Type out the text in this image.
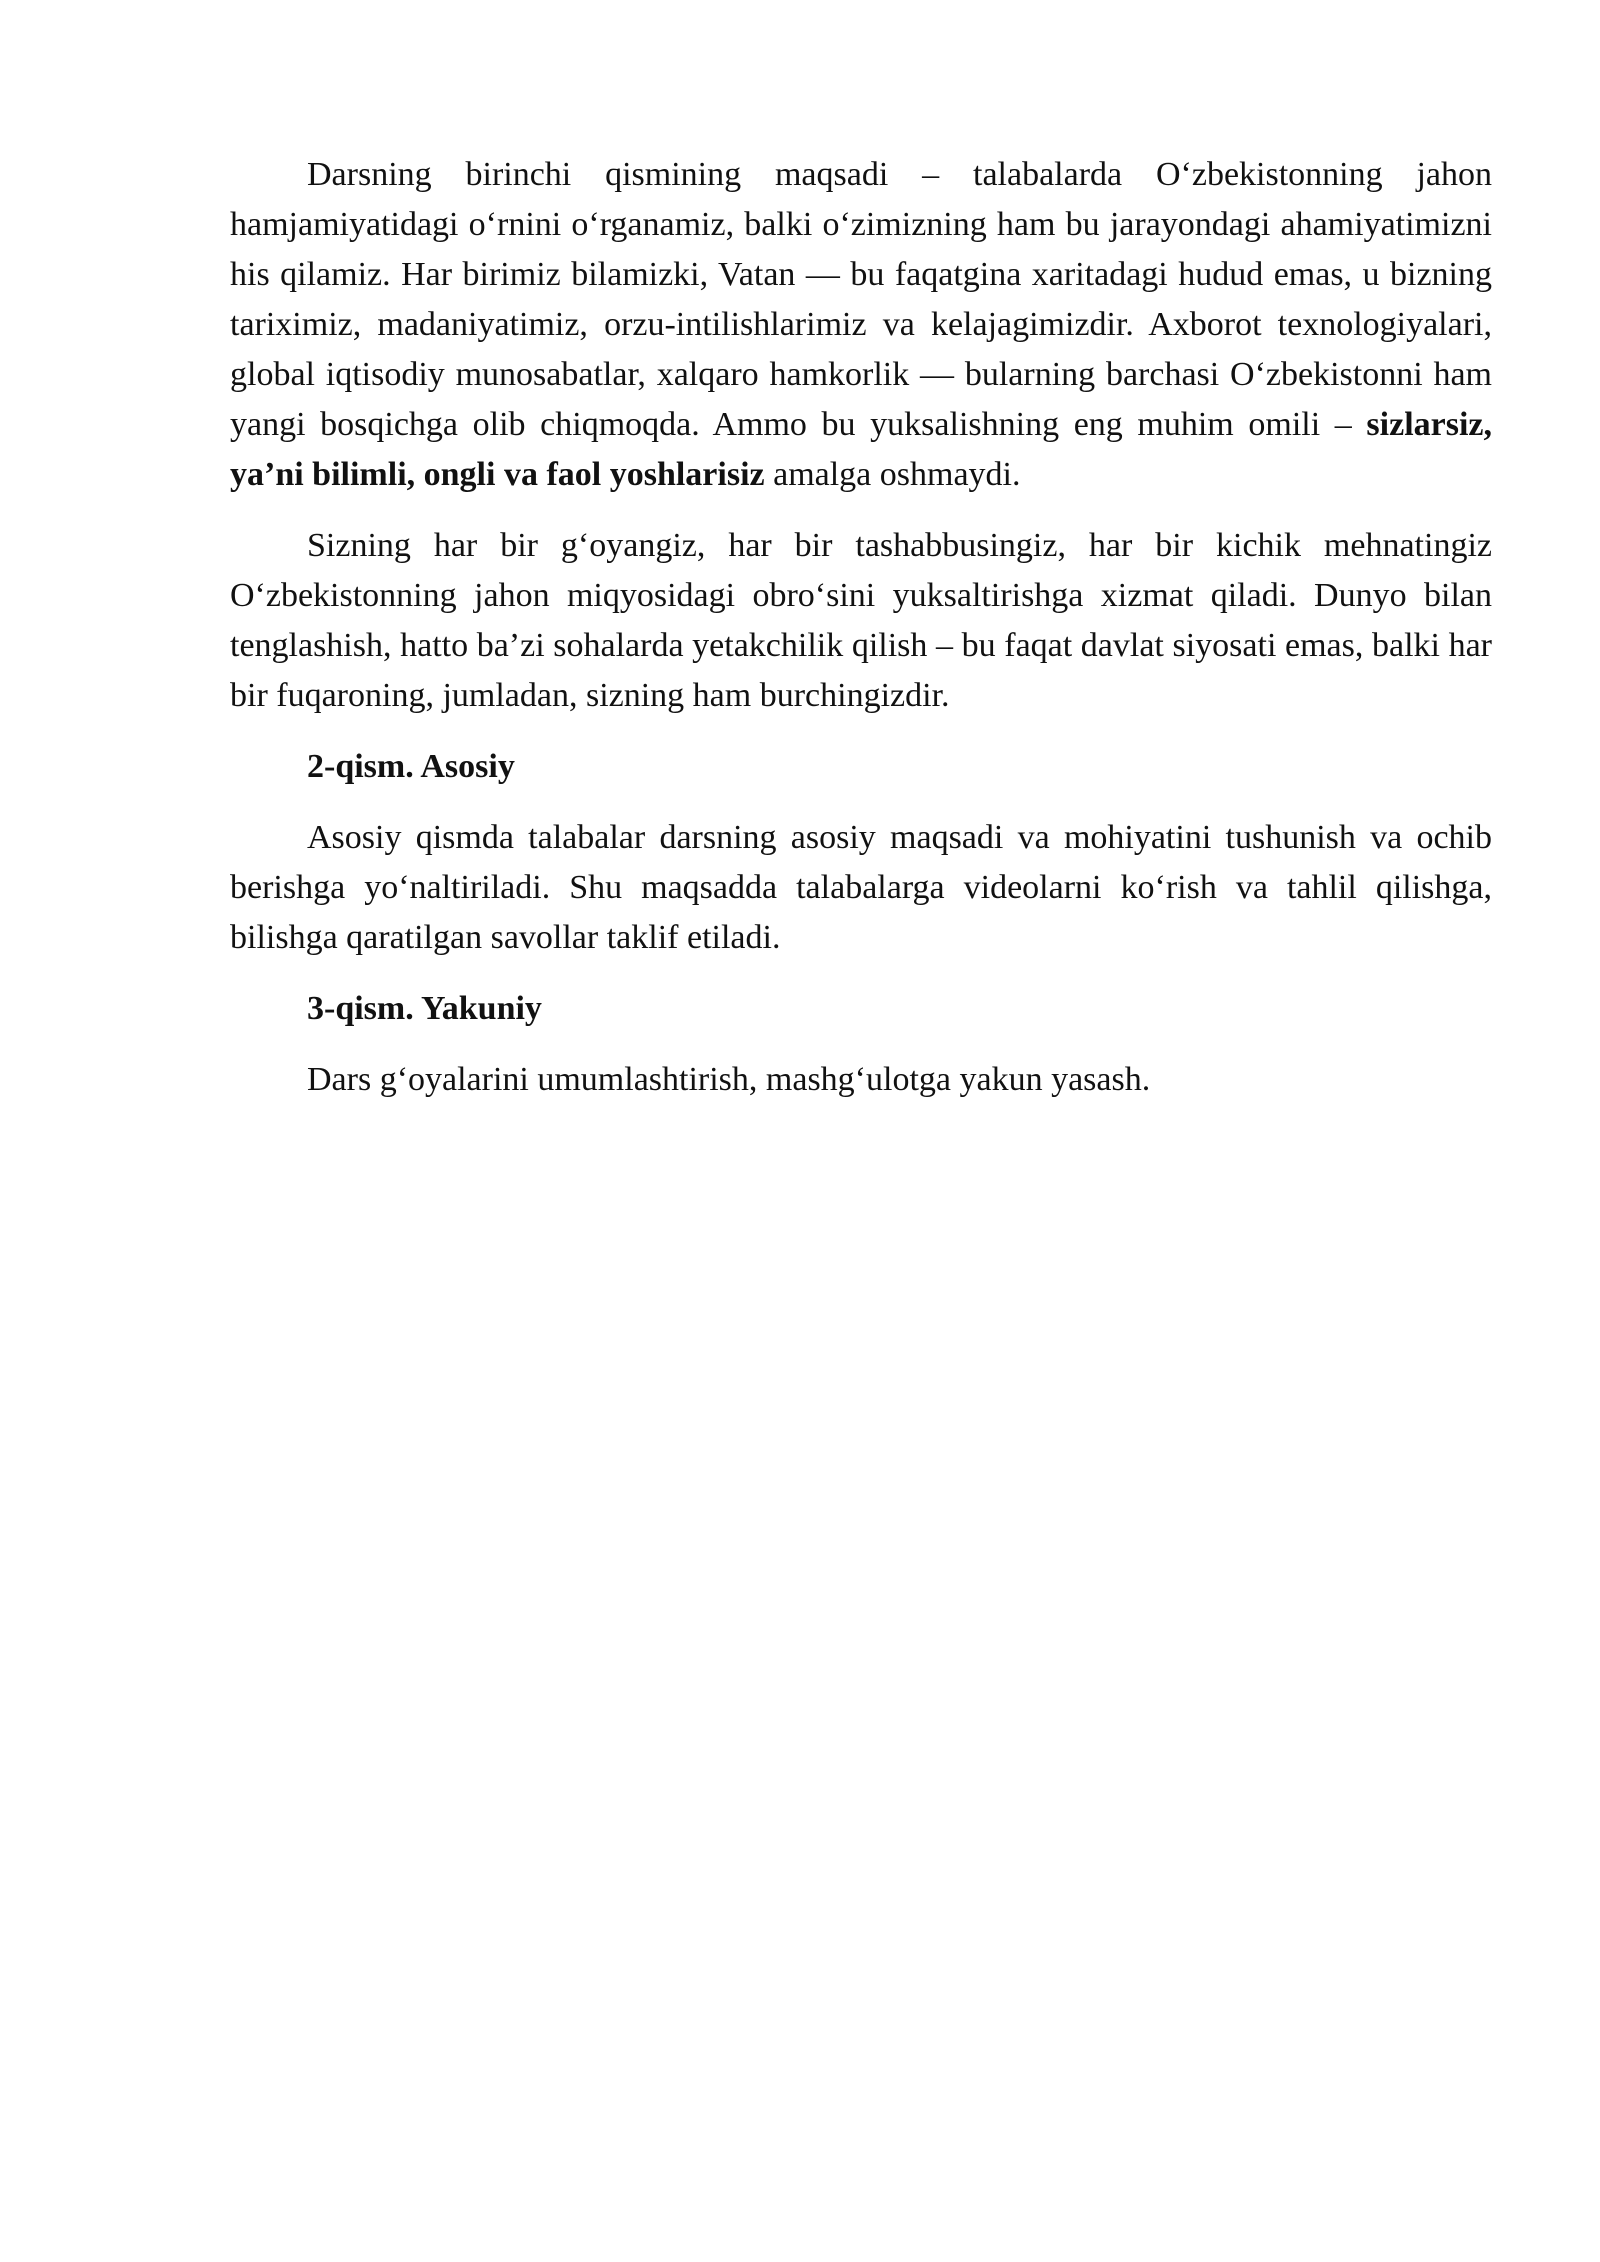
Darsning birinchi qismining maqsadi – talabalarda O‘zbekistonning jahon hamjamiyatidagi o‘rnini o‘rganamiz, balki o‘zimizning ham bu jarayondagi ahamiyatimizni his qilamiz. Har birimiz bilamizki, Vatan — bu faqatgina xaritadagi hudud emas, u bizning tariximiz, madaniyatimiz, orzu-intilishlarimiz va kelajagimizdir. Axborot texnologiyalari, global iqtisodiy munosabatlar, xalqaro hamkorlik — bularning barchasi O‘zbekistonni ham yangi bosqichga olib chiqmoqda. Ammo bu yuksalishning eng muhim omili – sizlarsiz, ya’ni bilimli, ongli va faol yoshlarisiz amalga oshmaydi.

Sizning har bir g‘oyangiz, har bir tashabbusingiz, har bir kichik mehnatingiz O‘zbekistonning jahon miqyosidagi obro‘sini yuksaltirishga xizmat qiladi. Dunyo bilan tenglashish, hatto ba’zi sohalarda yetakchilik qilish – bu faqat davlat siyosati emas, balki har bir fuqaroning, jumladan, sizning ham burchingizdir.

2-qism. Asosiy

Asosiy qismda talabalar darsning asosiy maqsadi va mohiyatini tushunish va ochib berishga yo‘naltiriladi. Shu maqsadda talabalarga videolarni ko‘rish va tahlil qilishga, bilishga qaratilgan savollar taklif etiladi.

3-qism. Yakuniy

Dars g‘oyalarini umumlashtirish, mashg‘ulotga yakun yasash.
